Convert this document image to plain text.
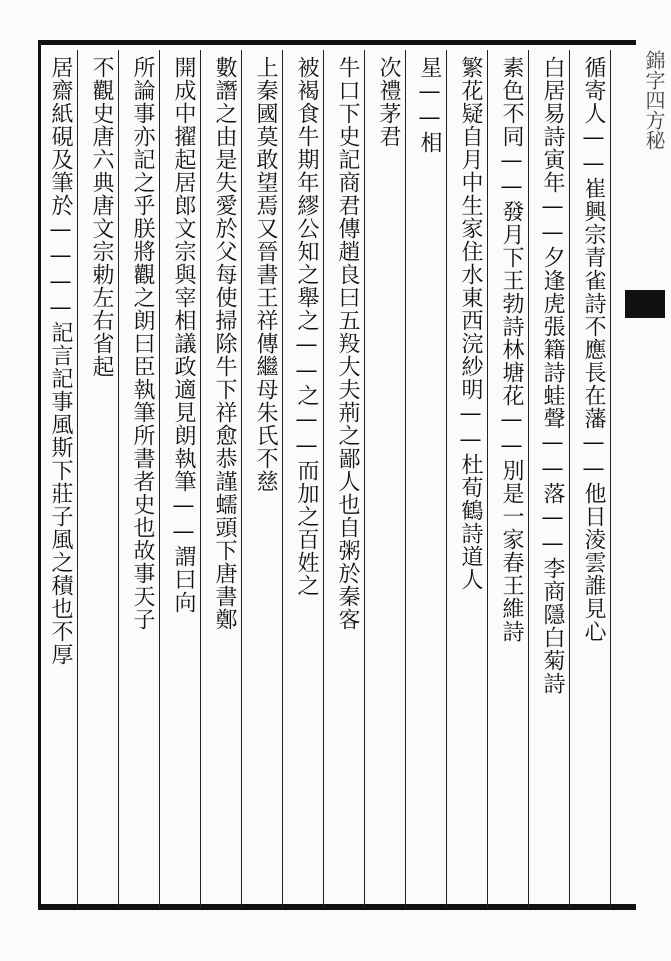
循寄人——崔興宗青雀詩不應長在藩——他日淩雲誰見心
白居易詩寅年——夕逢虎張籍詩蛙聲——落——李商隱白菊詩
素色不同——發月下王勃詩林塘花——別是一家春王維詩
繁花疑自月中生家住水東西浣紗明——杜荀鶴詩道人
星——相
次禮茅君
牛口下史記商君傳趙良曰五羖大夫荊之鄙人也自粥於秦客
被褐食牛期年繆公知之舉之——之——而加之百姓之
上秦國莫敢望焉又晉書王祥傳繼母朱氏不慈
數譖之由是失愛於父每使掃除牛下祥愈恭謹蠕頭下唐書鄭
開成中擢起居郎文宗與宰相議政適見朗執筆——謂曰向
所論事亦記之乎朕將觀之朗曰臣執筆所書者史也故事天子
不觀史唐六典唐文宗勅左右省起
居齋紙硯及筆於————記言記事風斯下莊子風之積也不厚	錦字四方秘
